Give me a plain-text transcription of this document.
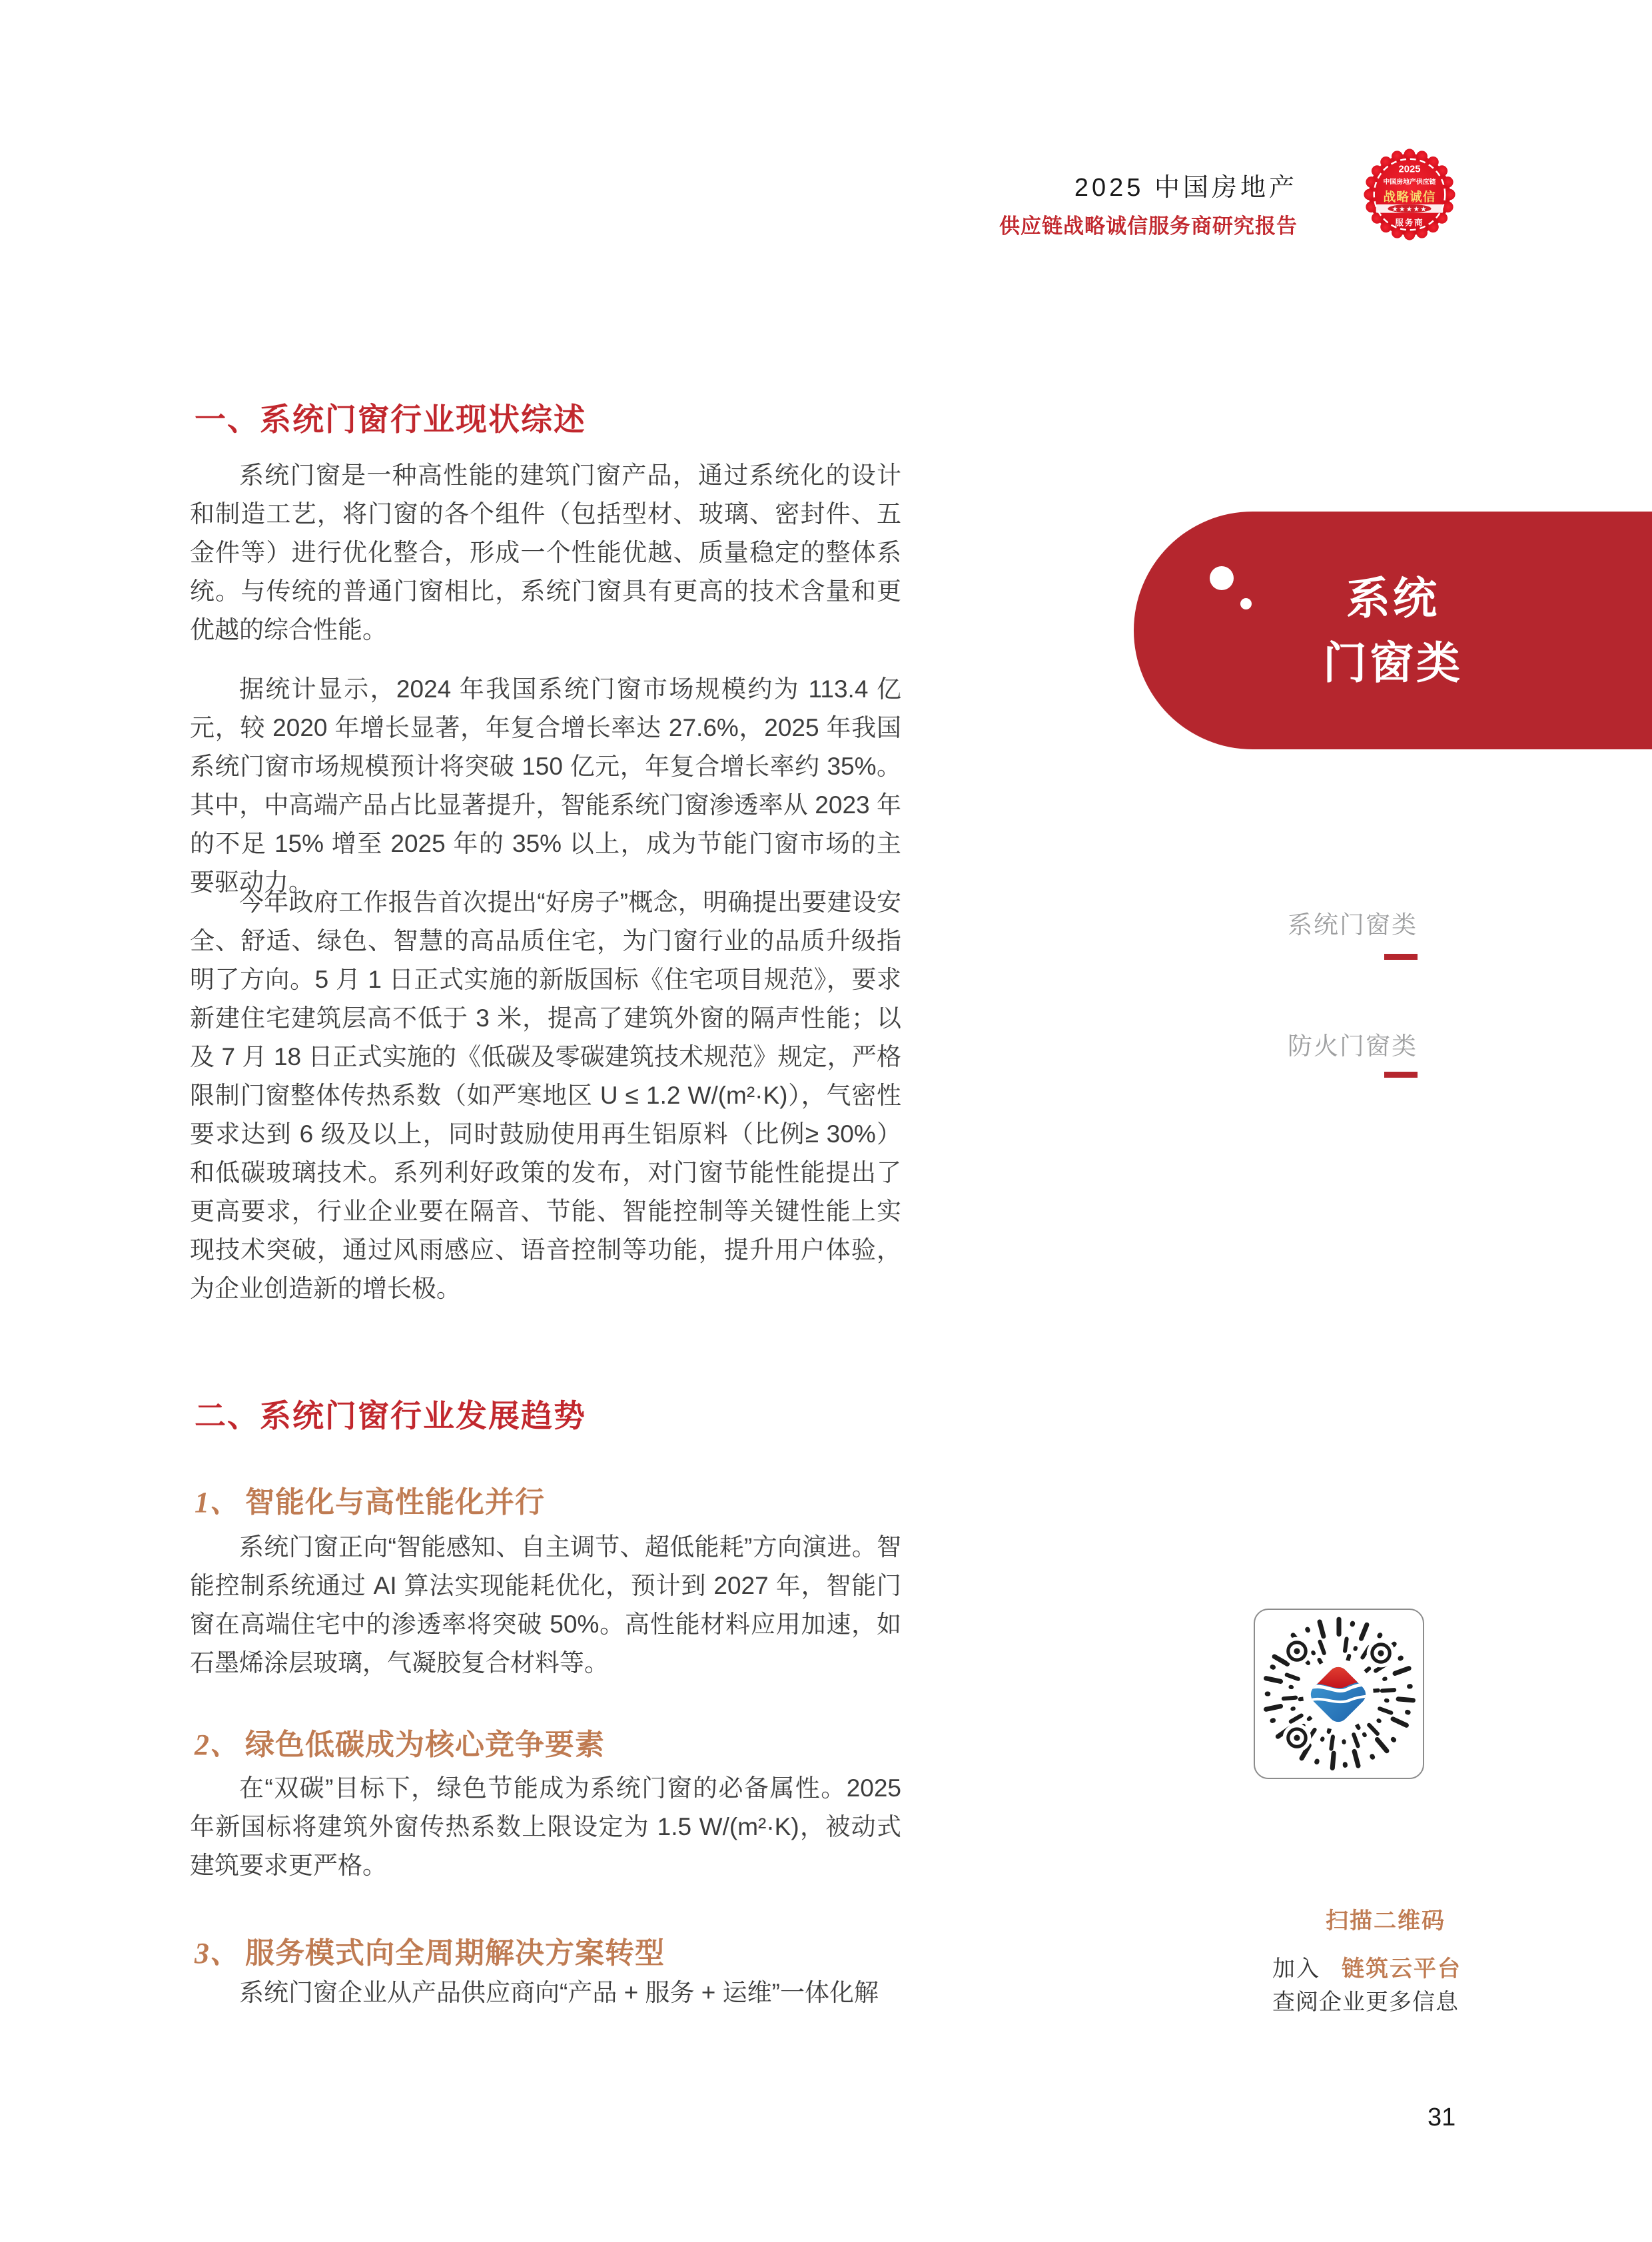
2025 中国房地产
供应链战略诚信服务商研究报告
2025
中国房地产供应链
战略诚信
★★★★★
服务商
一、系统门窗行业现状综述

系统门窗是一种高性能的建筑门窗产品，通过系统化的设计和制造工艺，将门窗的各个组件（包括型材、玻璃、密封件、五金件等）进行优化整合，形成一个性能优越、质量稳定的整体系统。与传统的普通门窗相比，系统门窗具有更高的技术含量和更优越的综合性能。

据统计显示，2024 年我国系统门窗市场规模约为 113.4 亿元，较 2020 年增长显著，年复合增长率达 27.6%，2025 年我国系统门窗市场规模预计将突破 150 亿元，年复合增长率约 35%。其中，中高端产品占比显著提升，智能系统门窗渗透率从 2023 年的不足 15% 增至 2025 年的 35% 以上，成为节能门窗市场的主要驱动力。

今年政府工作报告首次提出“好房子”概念，明确提出要建设安全、舒适、绿色、智慧的高品质住宅，为门窗行业的品质升级指明了方向。5 月 1 日正式实施的新版国标《住宅项目规范》，要求新建住宅建筑层高不低于 3 米，提高了建筑外窗的隔声性能；以及 7 月 18 日正式实施的《低碳及零碳建筑技术规范》规定，严格限制门窗整体传热系数（如严寒地区 U ≤ 1.2 W/(m²·K)），气密性要求达到 6 级及以上，同时鼓励使用再生铝原料（比例≥ 30%）和低碳玻璃技术。系列利好政策的发布，对门窗节能性能提出了更高要求，行业企业要在隔音、节能、智能控制等关键性能上实现技术突破，通过风雨感应、语音控制等功能，提升用户体验，为企业创造新的增长极。

二、系统门窗行业发展趋势
1、 智能化与高性能化并行

系统门窗正向“智能感知、自主调节、超低能耗”方向演进。智能控制系统通过 AI 算法实现能耗优化，预计到 2027 年，智能门窗在高端住宅中的渗透率将突破 50%。高性能材料应用加速，如石墨烯涂层玻璃，气凝胶复合材料等。

2、 绿色低碳成为核心竞争要素

在“双碳”目标下，绿色节能成为系统门窗的必备属性。2025 年新国标将建筑外窗传热系数上限设定为 1.5 W/(m²·K)，被动式建筑要求更严格。

3、 服务模式向全周期解决方案转型

系统门窗企业从产品供应商向“产品 + 服务 + 运维”一体化解

系统
门窗类
系统门窗类
防火门窗类
扫描二维码
加入 链筑云平台
查阅企业更多信息
31
